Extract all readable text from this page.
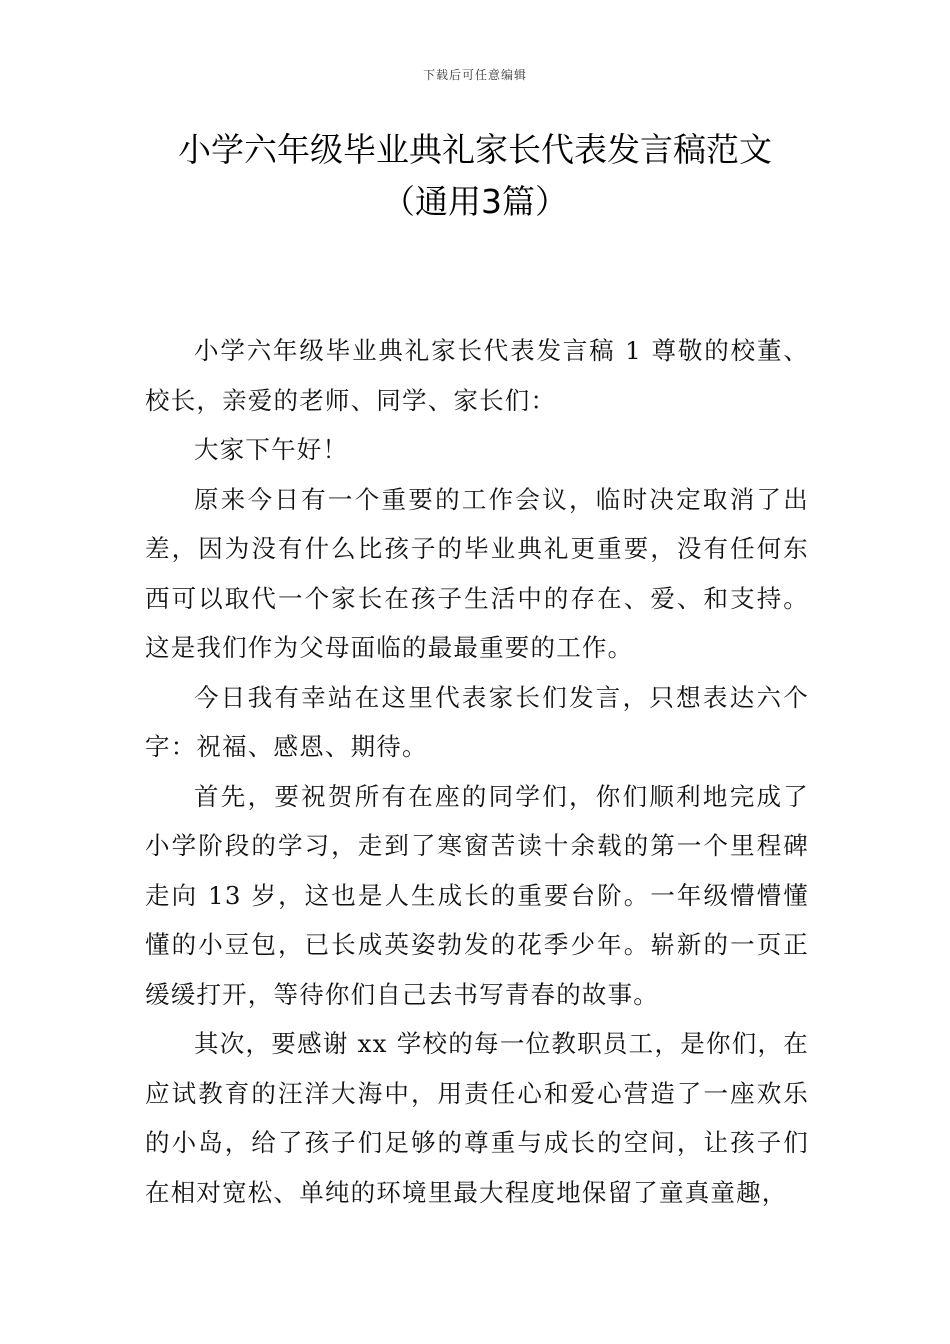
下载后可任意编辑
小学六年级毕业典礼家长代表发言稿范文
（通用3篇）

小学六年级毕业典礼家长代表发言稿 1 尊敬的校董、校长，亲爱的老师、同学、家长们：

大家下午好！

原来今日有一个重要的工作会议，临时决定取消了出差，因为没有什么比孩子的毕业典礼更重要，没有任何东西可以取代一个家长在孩子生活中的存在、爱、和支持。这是我们作为父母面临的最最重要的工作。

今日我有幸站在这里代表家长们发言，只想表达六个字：祝福、感恩、期待。

首先，要祝贺所有在座的同学们，你们顺利地完成了小学阶段的学习，走到了寒窗苦读十余载的第一个里程碑走向 13 岁，这也是人生成长的重要台阶。一年级懵懵懂懂的小豆包，已长成英姿勃发的花季少年。崭新的一页正缓缓打开，等待你们自己去书写青春的故事。

其次，要感谢 xx 学校的每一位教职员工，是你们，在应试教育的汪洋大海中，用责任心和爱心营造了一座欢乐的小岛，给了孩子们足够的尊重与成长的空间，让孩子们在相对宽松、单纯的环境里最大程度地保留了童真童趣，
